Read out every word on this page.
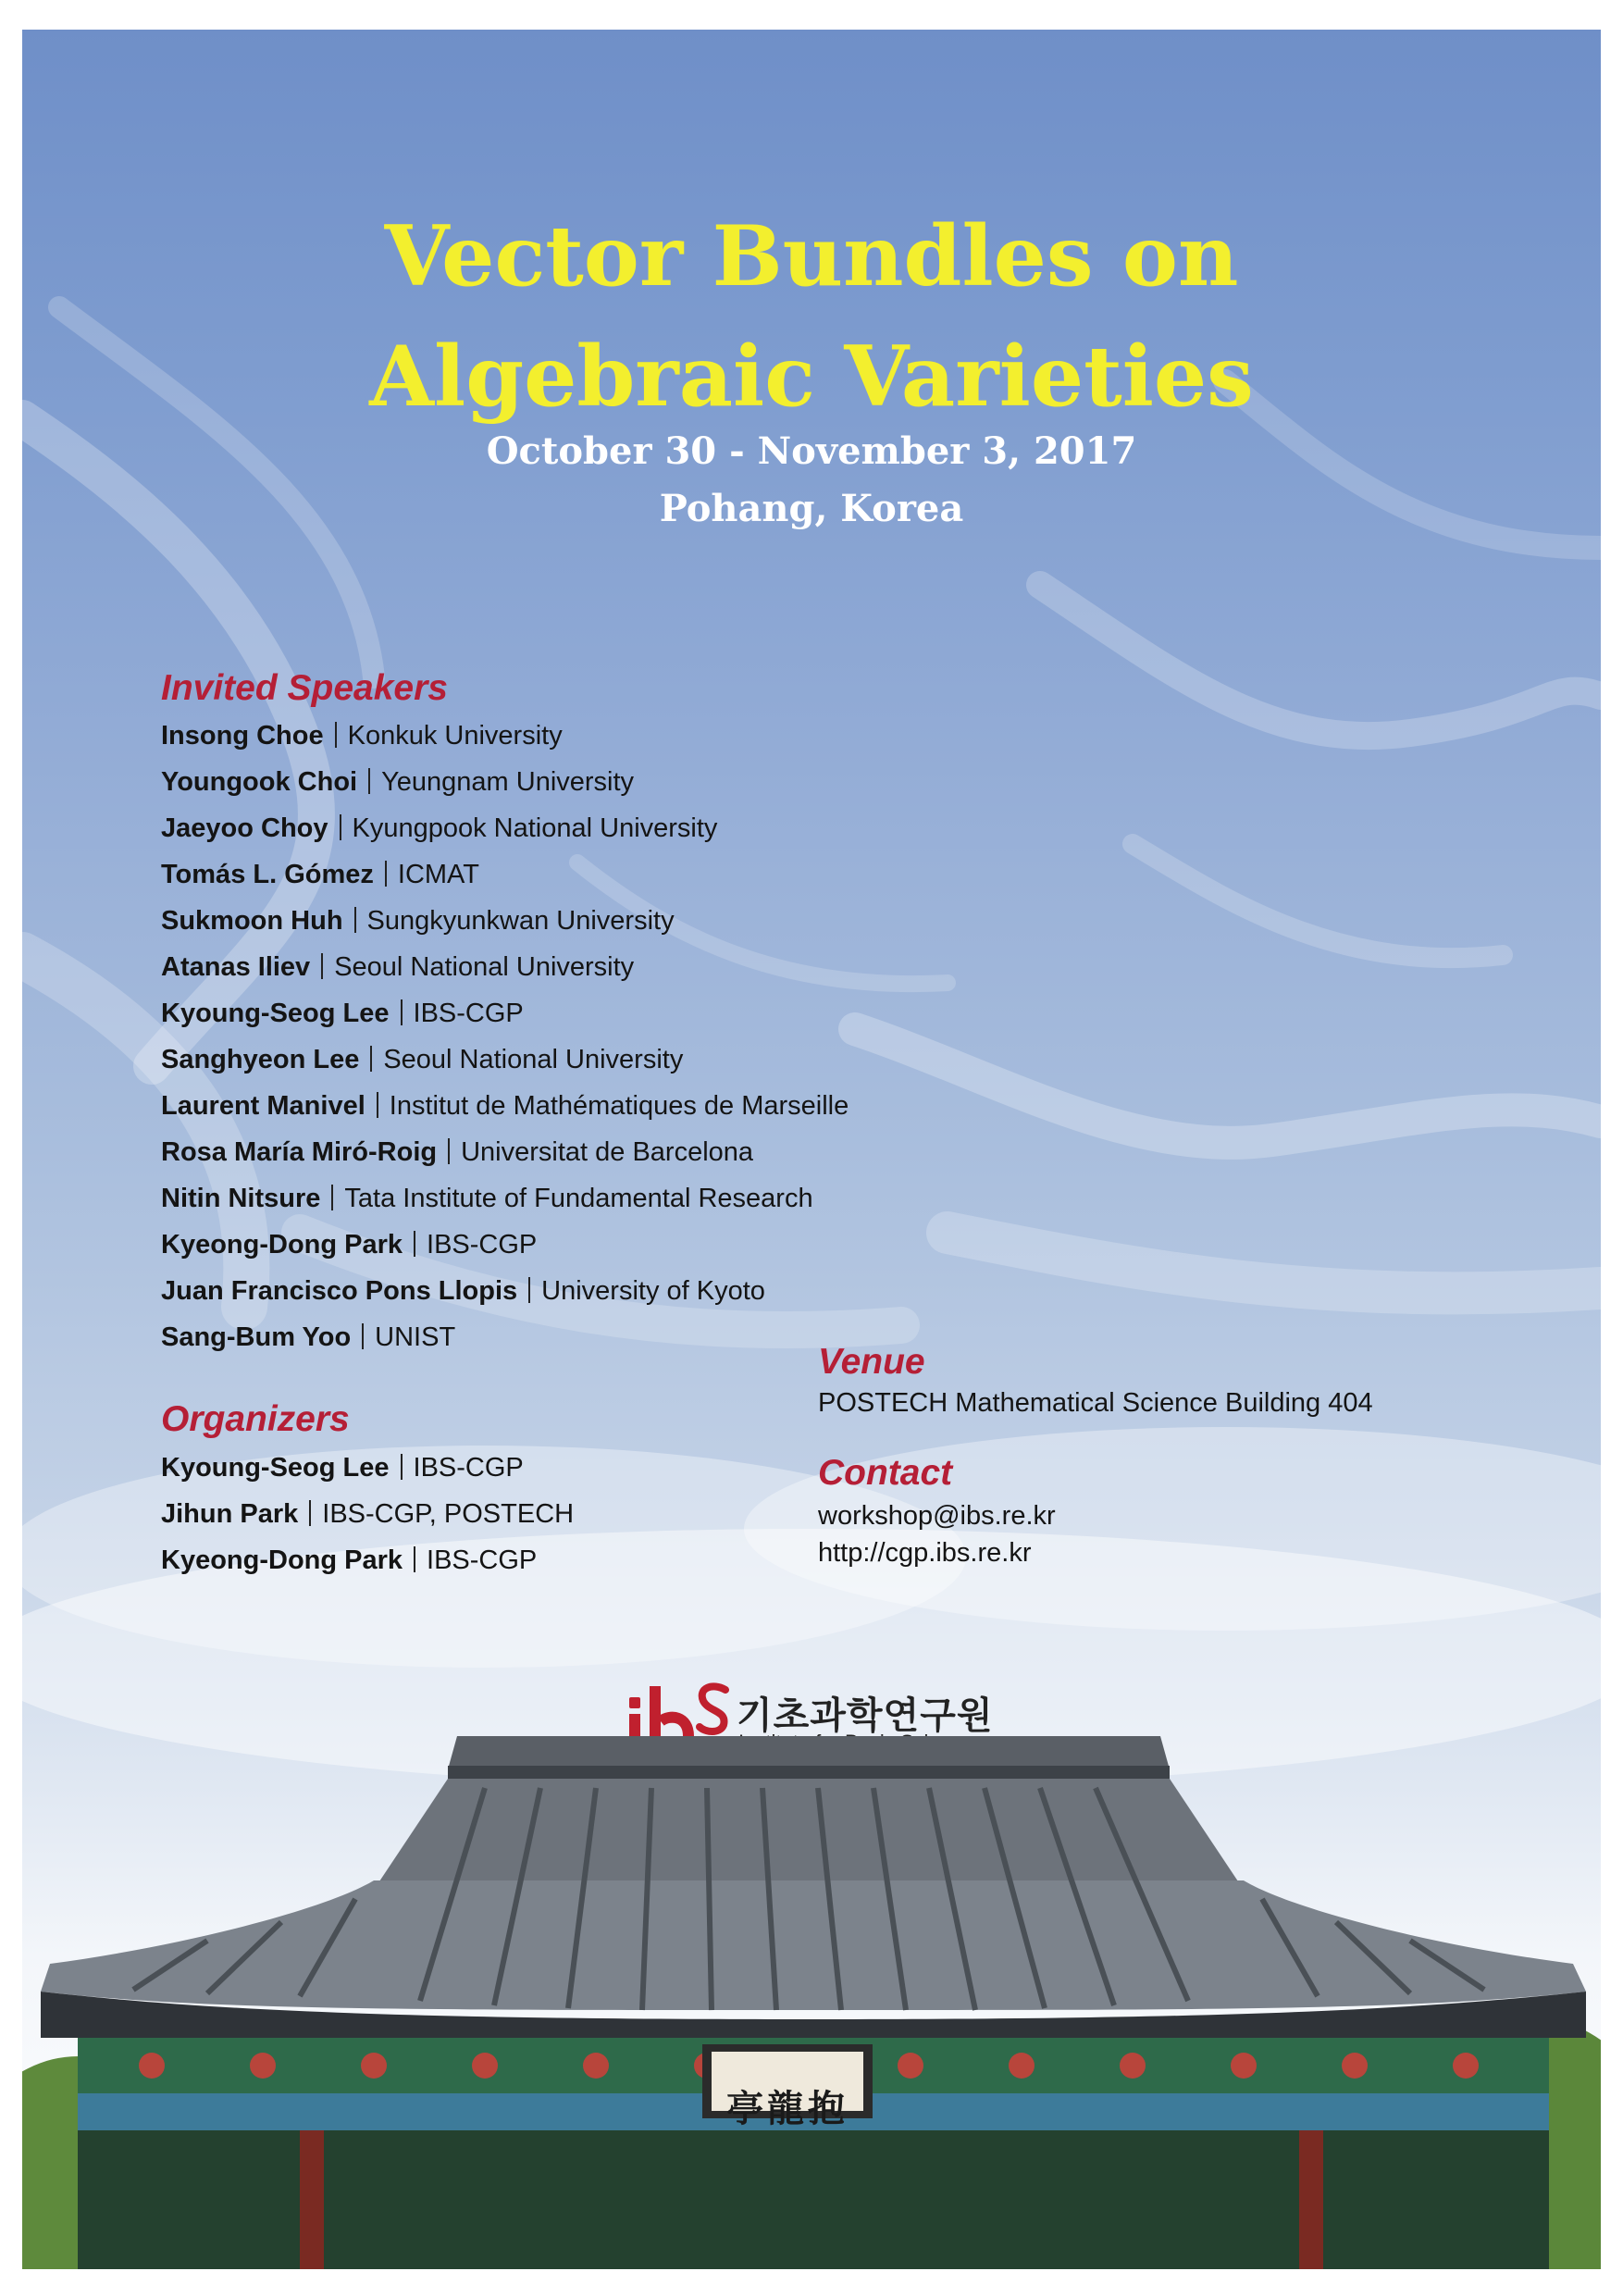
Vector Bundles on
Algebraic Varieties

October 30 - November 3, 2017

Pohang, Korea

Invited Speakers
Insong Choe Konkuk University
Youngook Choi Yeungnam University
Jaeyoo Choy Kyungpook National University
Tomás L. Gómez ICMAT
Sukmoon Huh Sungkyunkwan University
Atanas Iliev Seoul National University
Kyoung-Seog Lee IBS-CGP
Sanghyeon Lee Seoul National University
Laurent Manivel Institut de Mathématiques de Marseille
Rosa María Miró-Roig Universitat de Barcelona
Nitin Nitsure Tata Institute of Fundamental Research
Kyeong-Dong Park IBS-CGP
Juan Francisco Pons Llopis University of Kyoto
Sang-Bum Yoo UNIST
Organizers
Kyoung-Seog Lee IBS-CGP
Jihun Park IBS-CGP, POSTECH
Kyeong-Dong Park IBS-CGP
Venue

POSTECH Mathematical Science Building 404

Contact

workshop@ibs.re.kr

http://cgp.ibs.re.kr

기초과학연구원

亭龍抱
